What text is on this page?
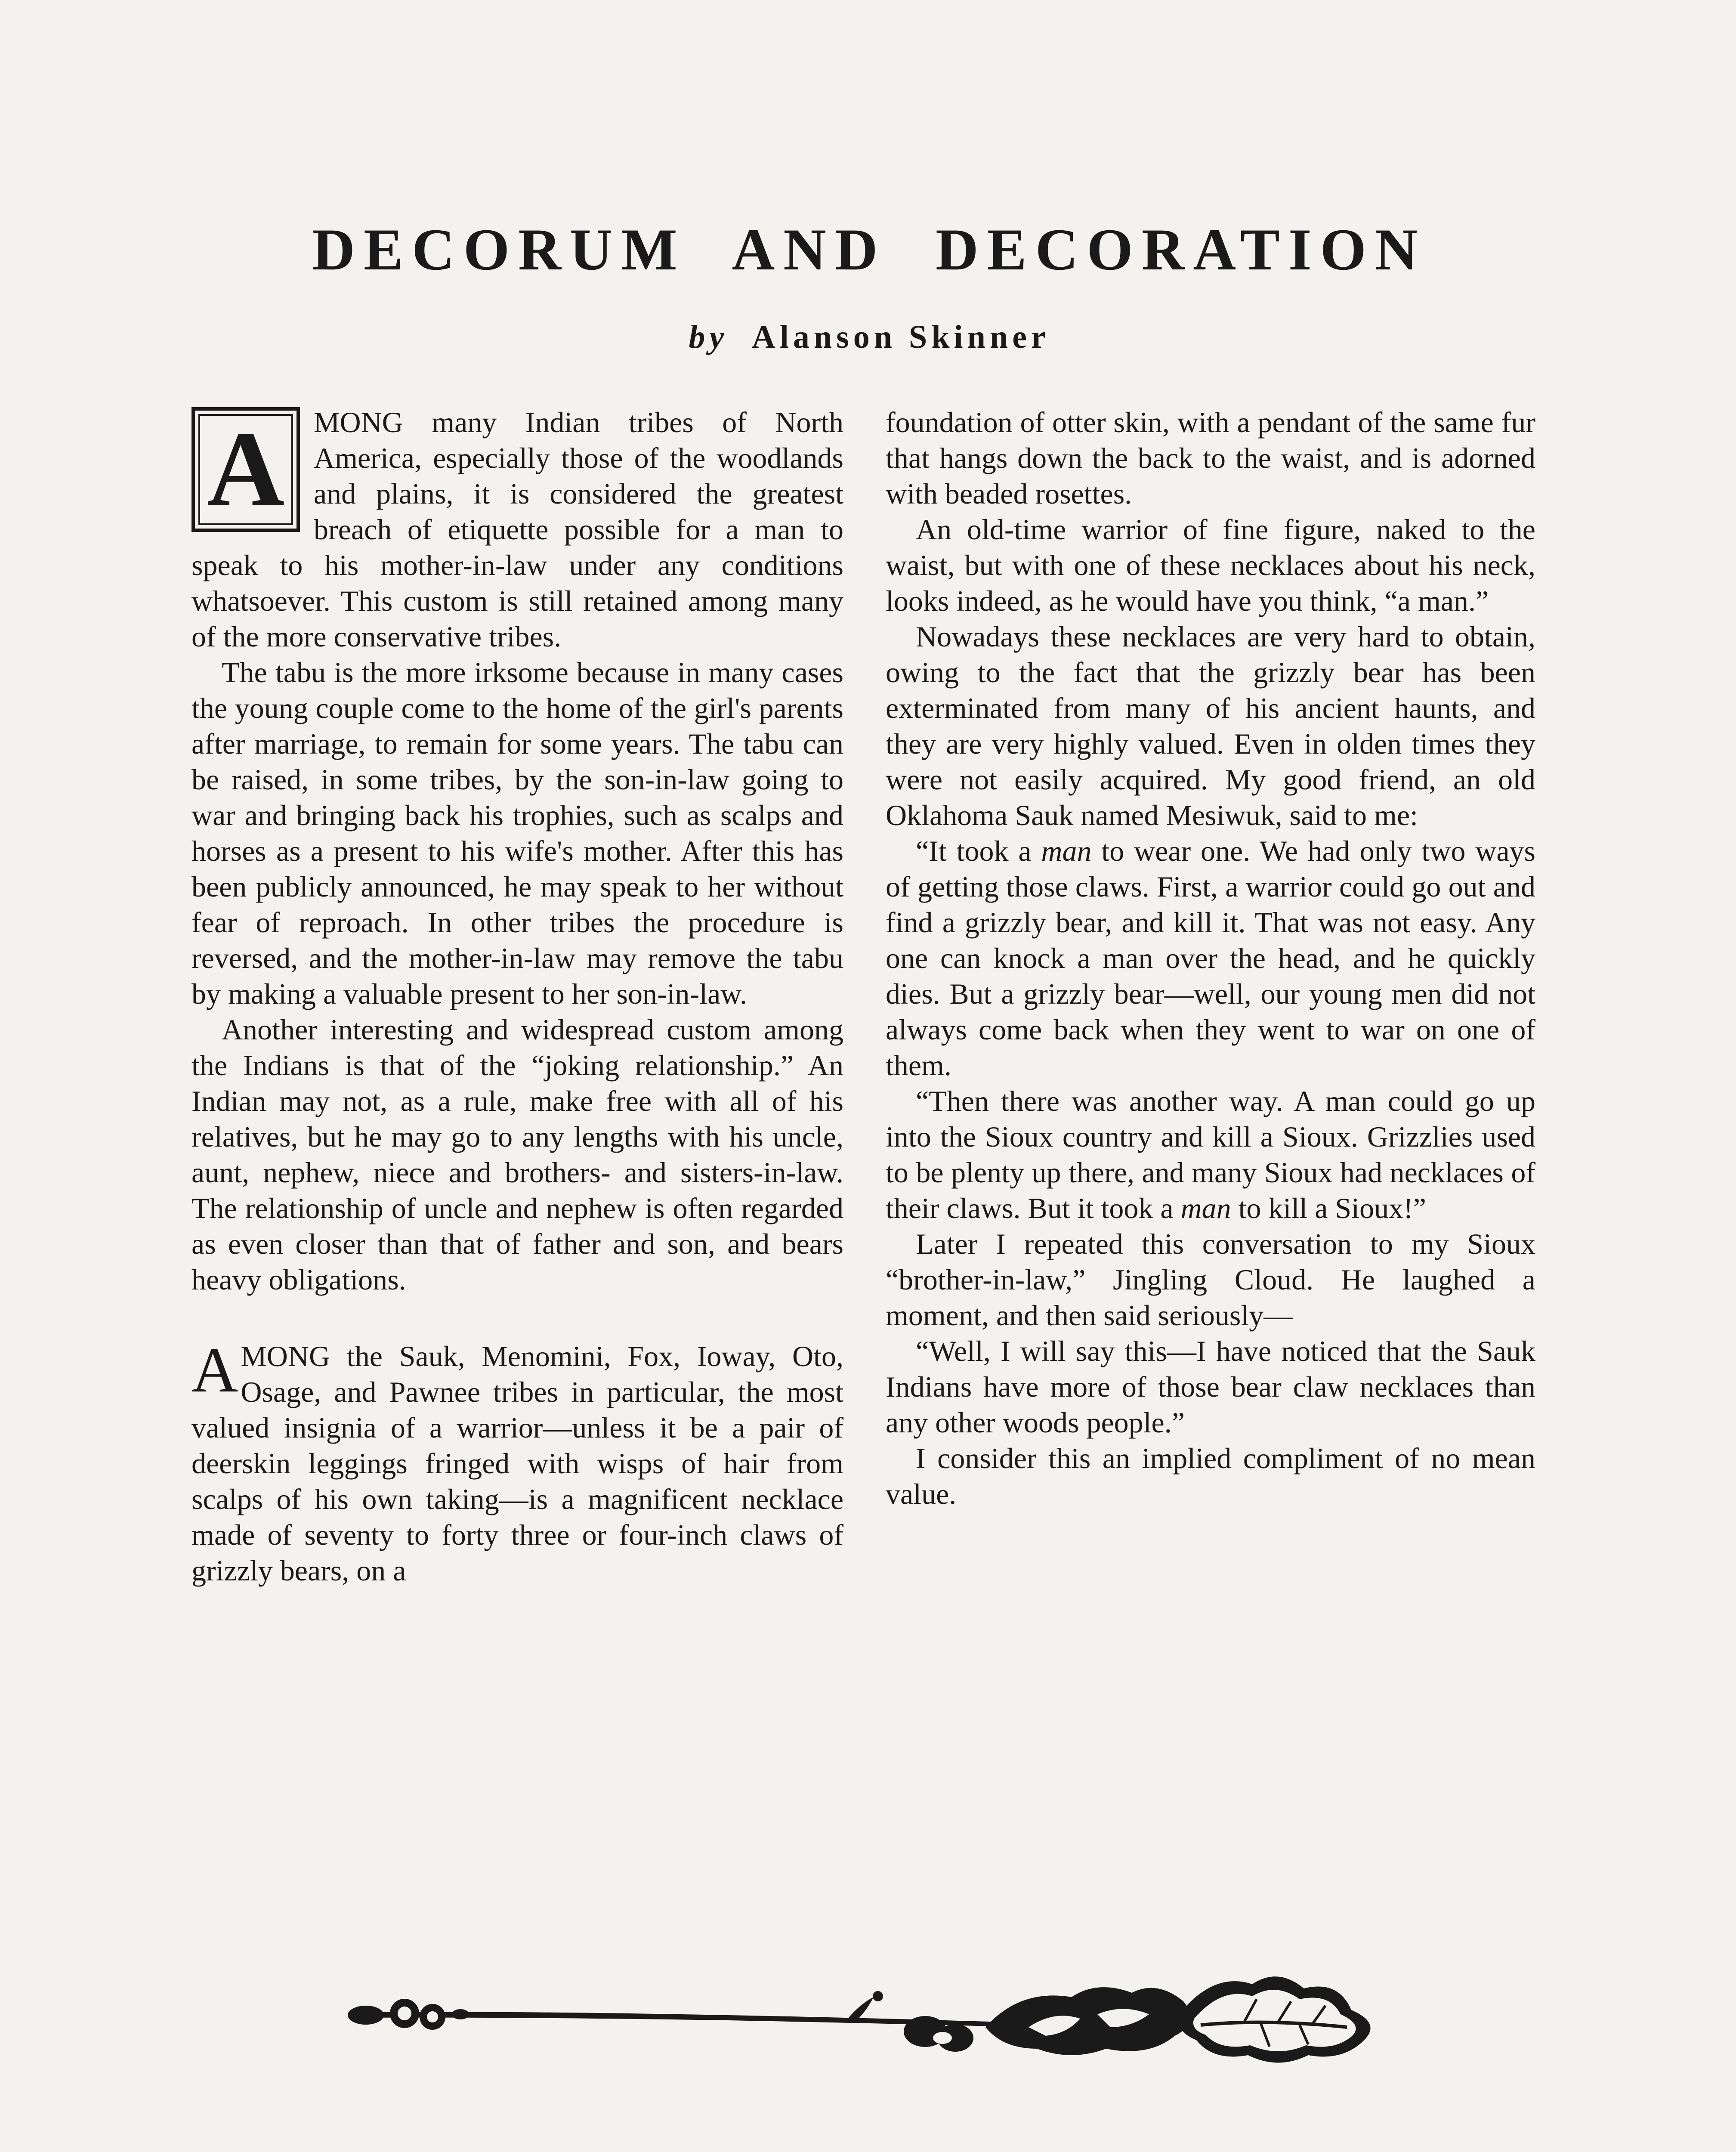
DECORUM AND DECORATION

by Alanson Skinner

A MONG many Indian tribes of North America, especially those of the woodlands and plains, it is considered the greatest breach of etiquette possible for a man to speak to his mother-in-law under any conditions whatsoever. This custom is still retained among many of the more conservative tribes.

The tabu is the more irksome because in many cases the young couple come to the home of the girl's parents after marriage, to remain for some years. The tabu can be raised, in some tribes, by the son-in-law going to war and bringing back his trophies, such as scalps and horses as a present to his wife's mother. After this has been publicly announced, he may speak to her without fear of reproach. In other tribes the procedure is reversed, and the mother-in-law may remove the tabu by making a valuable present to her son-in-law.

Another interesting and widespread custom among the Indians is that of the “joking relationship.” An Indian may not, as a rule, make free with all of his relatives, but he may go to any lengths with his uncle, aunt, nephew, niece and brothers- and sisters-in-law. The relationship of uncle and nephew is often regarded as even closer than that of father and son, and bears heavy obligations.

AMONG the Sauk, Menomini, Fox, Ioway, Oto, Osage, and Pawnee tribes in particular, the most valued insignia of a warrior—unless it be a pair of deerskin leggings fringed with wisps of hair from scalps of his own taking—is a magnificent necklace made of seventy to forty three or four-inch claws of grizzly bears, on a

foundation of otter skin, with a pendant of the same fur that hangs down the back to the waist, and is adorned with beaded rosettes.

An old-time warrior of fine figure, naked to the waist, but with one of these necklaces about his neck, looks indeed, as he would have you think, “a man.”

Nowadays these necklaces are very hard to obtain, owing to the fact that the grizzly bear has been exterminated from many of his ancient haunts, and they are very highly valued. Even in olden times they were not easily acquired. My good friend, an old Oklahoma Sauk named Mesiwuk, said to me:

“It took a man to wear one. We had only two ways of getting those claws. First, a warrior could go out and find a grizzly bear, and kill it. That was not easy. Any one can knock a man over the head, and he quickly dies. But a grizzly bear—well, our young men did not always come back when they went to war on one of them.

“Then there was another way. A man could go up into the Sioux country and kill a Sioux. Grizzlies used to be plenty up there, and many Sioux had necklaces of their claws. But it took a man to kill a Sioux!”

Later I repeated this conversation to my Sioux “brother-in-law,” Jingling Cloud. He laughed a moment, and then said seriously—

“Well, I will say this—I have noticed that the Sauk Indians have more of those bear claw necklaces than any other woods people.”

I consider this an implied compliment of no mean value.
